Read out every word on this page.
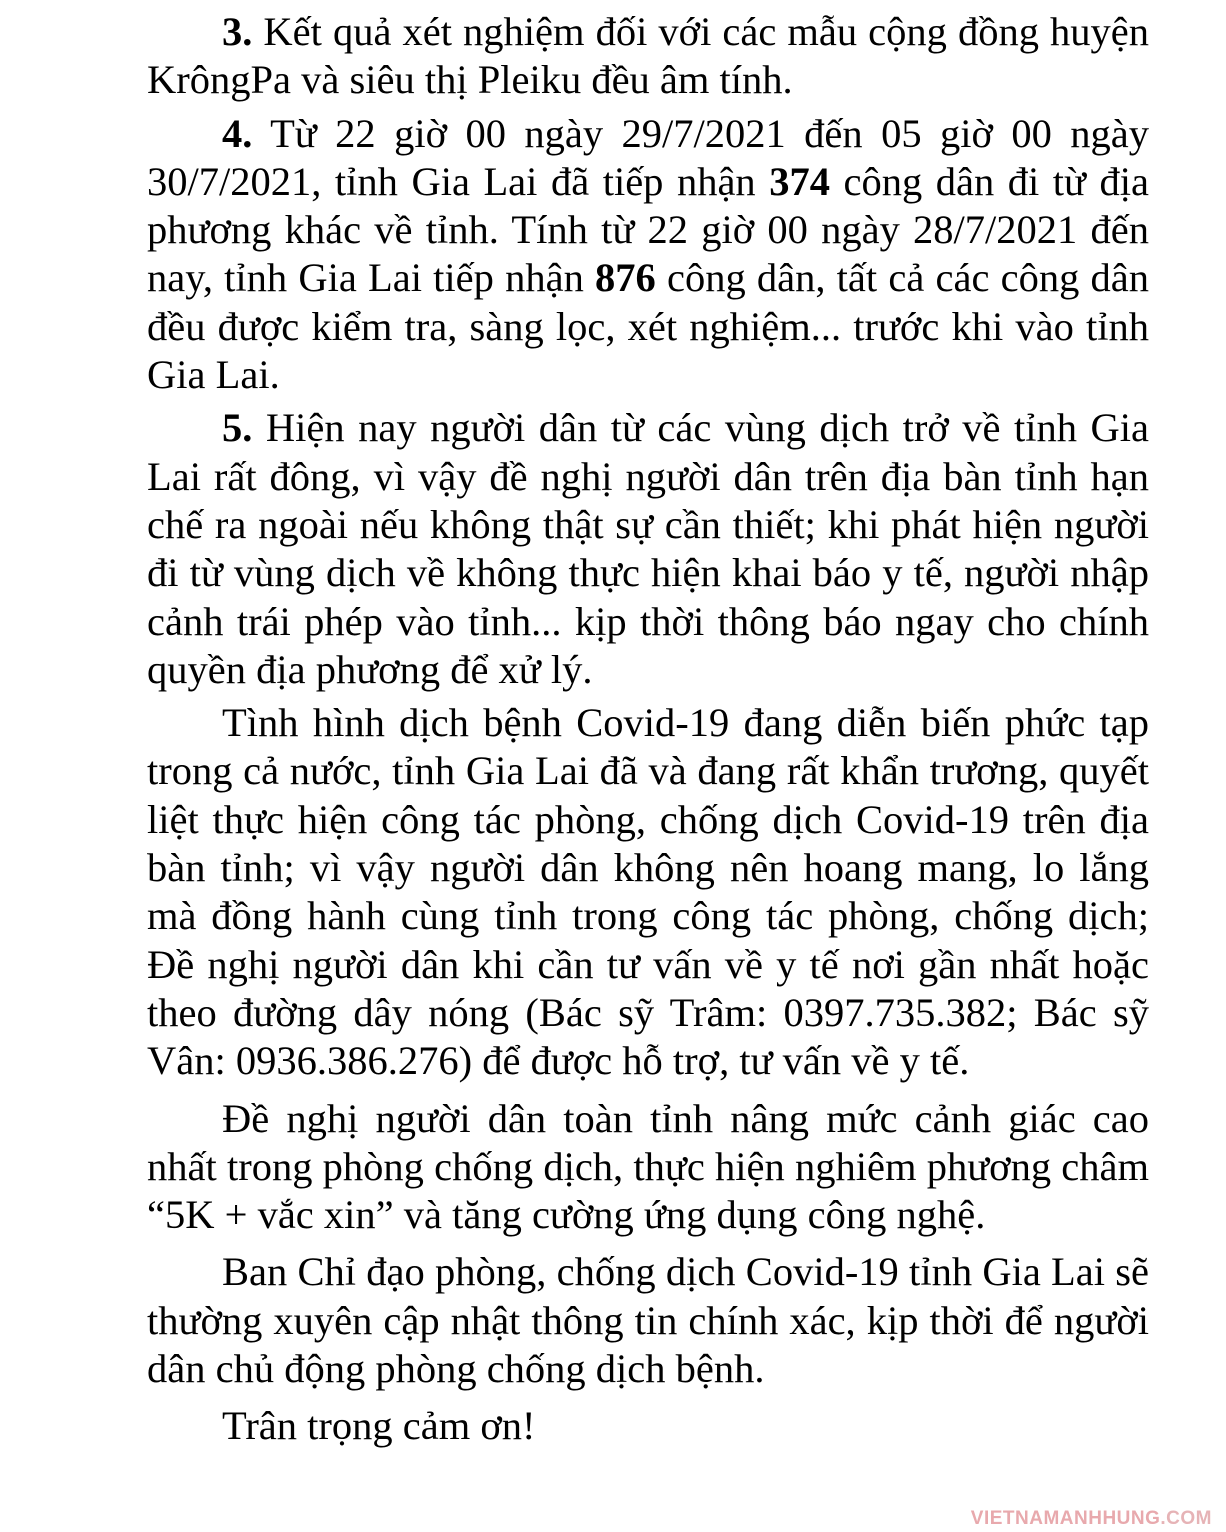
3. Kết quả xét nghiệm đối với các mẫu cộng đồng huyện KrôngPa và siêu thị Pleiku đều âm tính.

4. Từ 22 giờ 00 ngày 29/7/2021 đến 05 giờ 00 ngày 30/7/2021, tỉnh Gia Lai đã tiếp nhận 374 công dân đi từ địa phương khác về tỉnh. Tính từ 22 giờ 00 ngày 28/7/2021 đến nay, tỉnh Gia Lai tiếp nhận 876 công dân, tất cả các công dân đều được kiểm tra, sàng lọc, xét nghiệm... trước khi vào tỉnh Gia Lai.

5. Hiện nay người dân từ các vùng dịch trở về tỉnh Gia Lai rất đông, vì vậy đề nghị người dân trên địa bàn tỉnh hạn chế ra ngoài nếu không thật sự cần thiết; khi phát hiện người đi từ vùng dịch về không thực hiện khai báo y tế, người nhập cảnh trái phép vào tỉnh... kịp thời thông báo ngay cho chính quyền địa phương để xử lý.

Tình hình dịch bệnh Covid-19 đang diễn biến phức tạp trong cả nước, tỉnh Gia Lai đã và đang rất khẩn trương, quyết liệt thực hiện công tác phòng, chống dịch Covid-19 trên địa bàn tỉnh; vì vậy người dân không nên hoang mang, lo lắng mà đồng hành cùng tỉnh trong công tác phòng, chống dịch; Đề nghị người dân khi cần tư vấn về y tế nơi gần nhất hoặc theo đường dây nóng (Bác sỹ Trâm: 0397.735.382; Bác sỹ Vân: 0936.386.276) để được hỗ trợ, tư vấn về y tế.

Đề nghị người dân toàn tỉnh nâng mức cảnh giác cao nhất trong phòng chống dịch, thực hiện nghiêm phương châm “5K + vắc xin” và tăng cường ứng dụng công nghệ.

Ban Chỉ đạo phòng, chống dịch Covid-19 tỉnh Gia Lai sẽ thường xuyên cập nhật thông tin chính xác, kịp thời để người dân chủ động phòng chống dịch bệnh.

Trân trọng cảm ơn!

VIETNAMANHHUNG.COM
